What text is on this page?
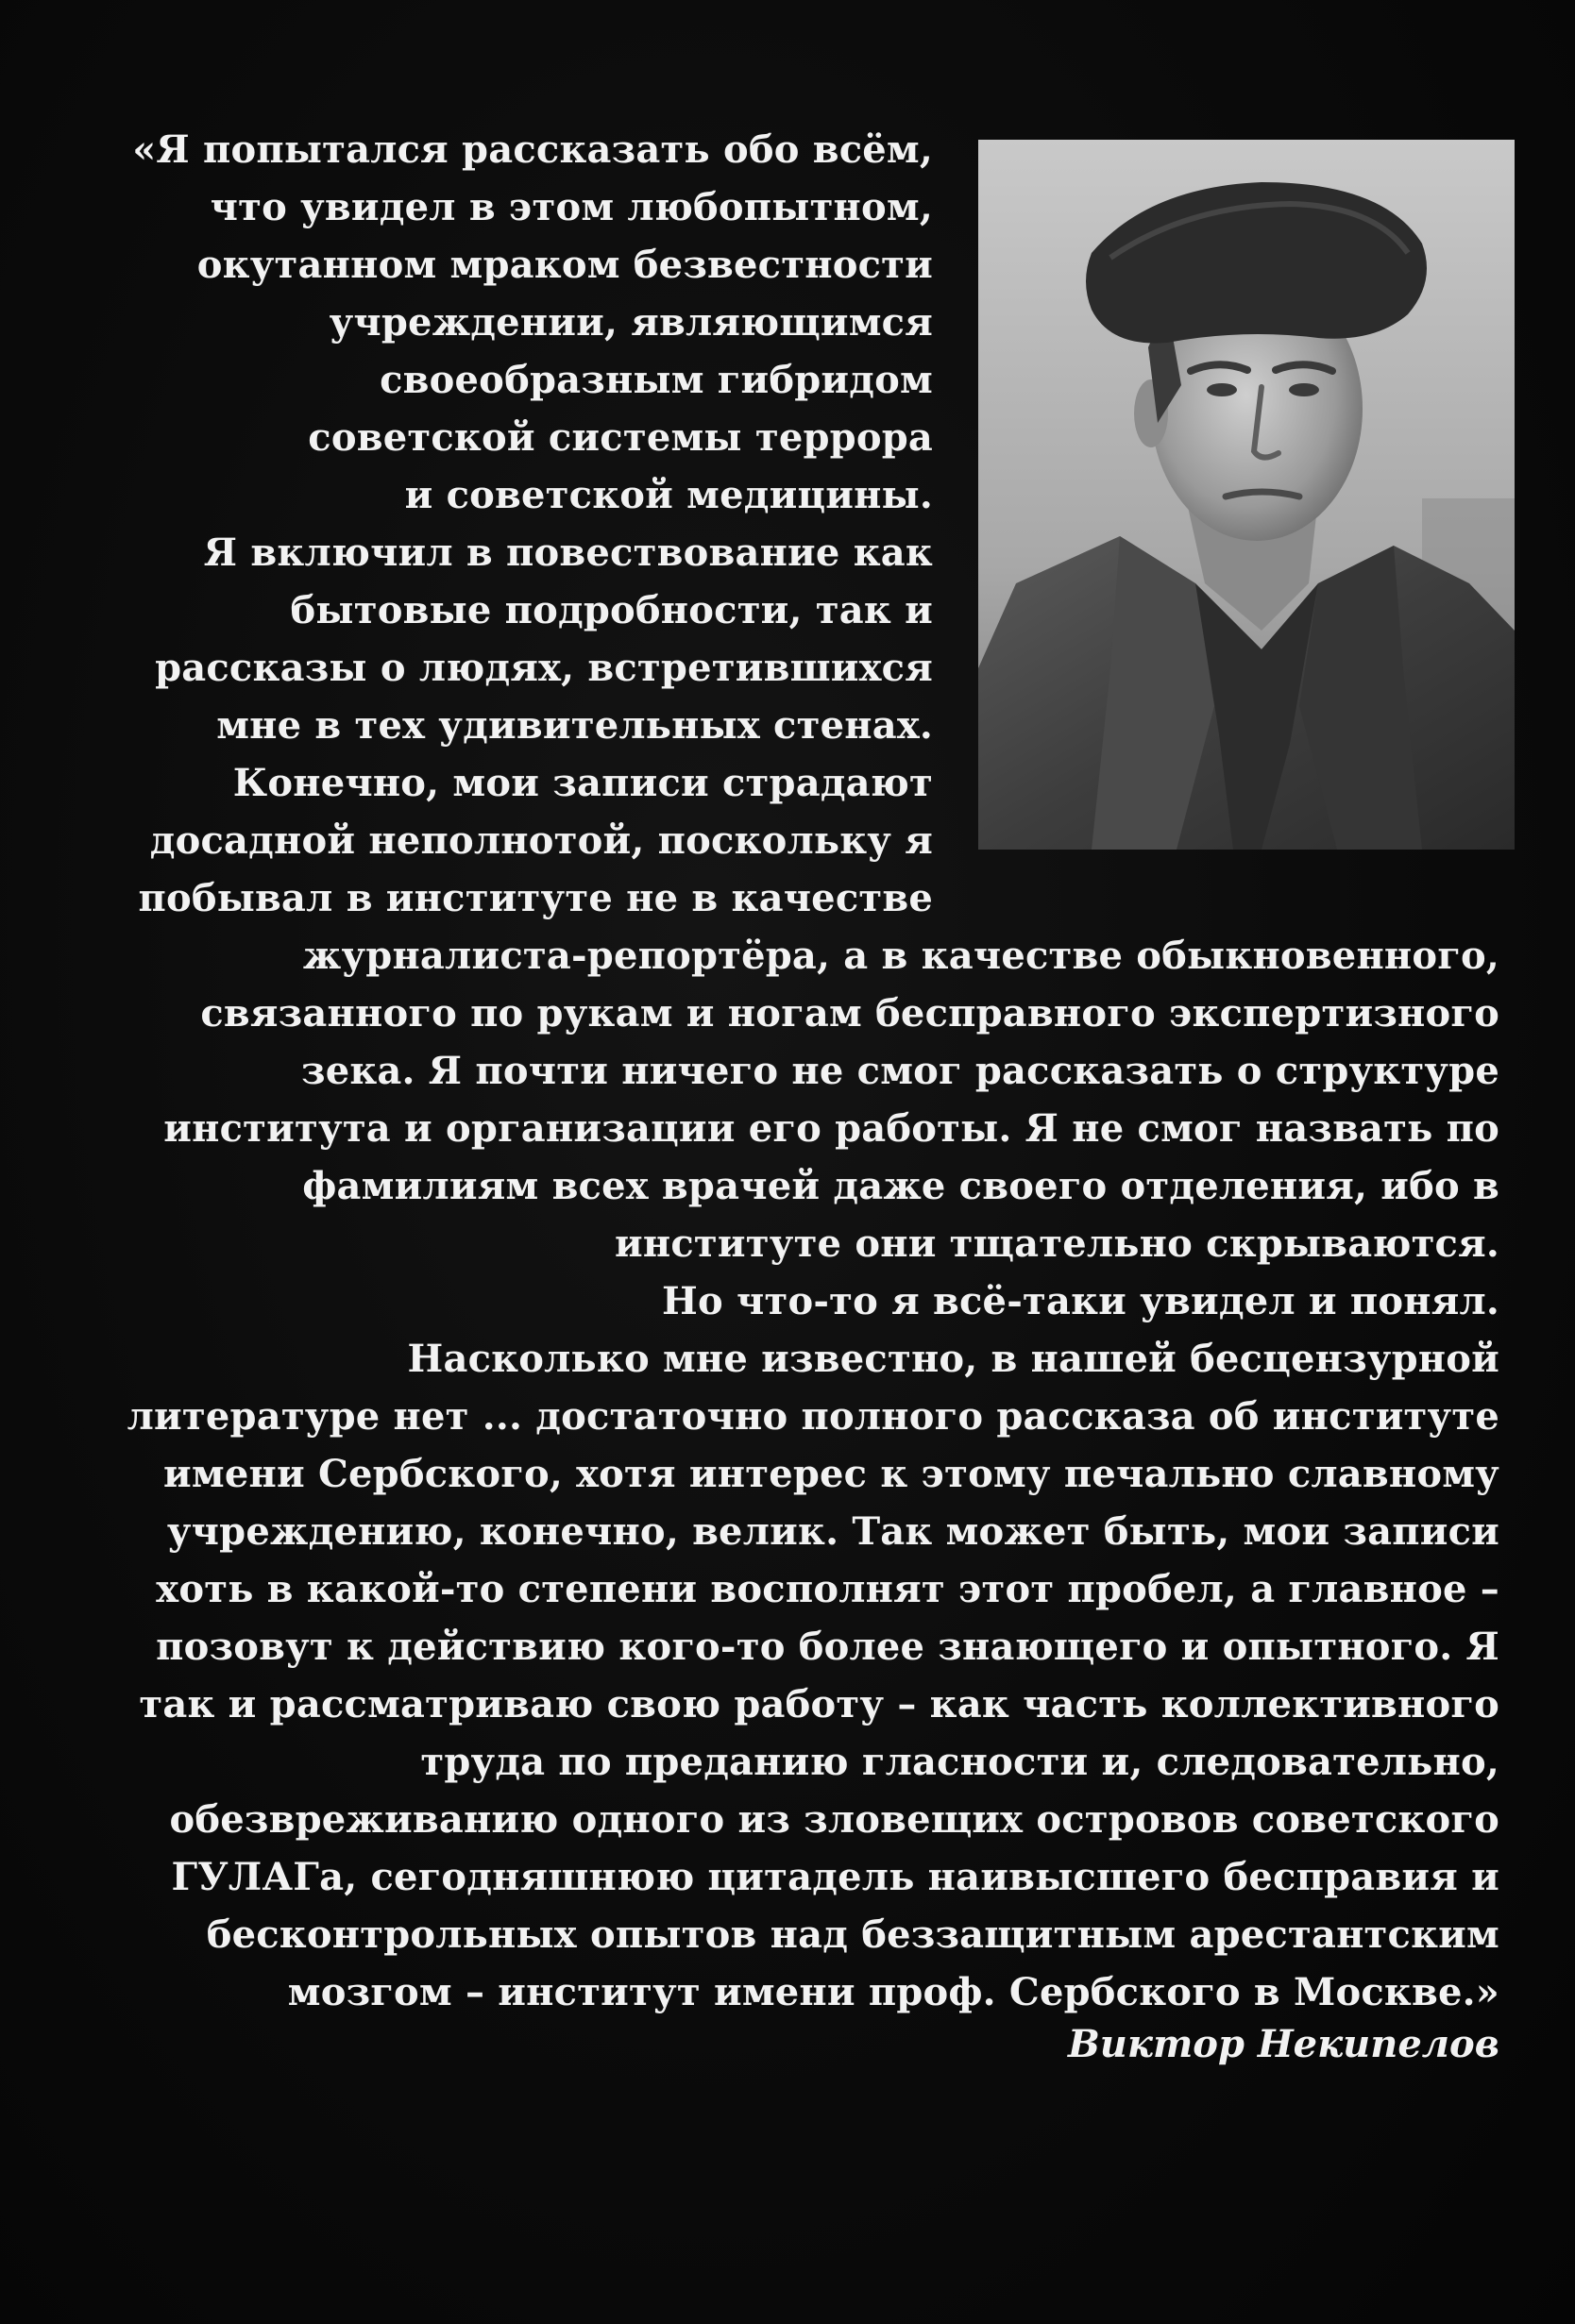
«Я попытался рассказать обо всём,
что увидел в этом любопытном,
окутанном мраком безвестности
учреждении, являющимся
своеобразным гибридом
советской системы террора
и советской медицины.
Я включил в повествование как
бытовые подробности, так и
рассказы о людях, встретившихся
мне в тех удивительных стенах.
Конечно, мои записи страдают
досадной неполнотой, поскольку я
побывал в институте не в качестве
журналиста-репортёра, а в качестве обыкновенного,
связанного по рукам и ногам бесправного экспертизного
зека. Я почти ничего не смог рассказать о структуре
института и организации его работы. Я не смог назвать по
фамилиям всех врачей даже своего отделения, ибо в
институте они тщательно скрываются.
Но что-то я всё-таки увидел и понял.
Насколько мне известно, в нашей бесцензурной
литературе нет ... достаточно полного рассказа об институте
имени Сербского, хотя интерес к этому печально славному
учреждению, конечно, велик. Так может быть, мои записи
хоть в какой-то степени восполнят этот пробел, а главное –
позовут к действию кого-то более знающего и опытного. Я
так и рассматриваю свою работу – как часть коллективного
труда по преданию гласности и, следовательно,
обезвреживанию одного из зловещих островов советского
ГУЛАГа, сегодняшнюю цитадель наивысшего бесправия и
бесконтрольных опытов над беззащитным арестантским
мозгом – институт имени проф. Сербского в Москве.»
Виктор Некипелов
